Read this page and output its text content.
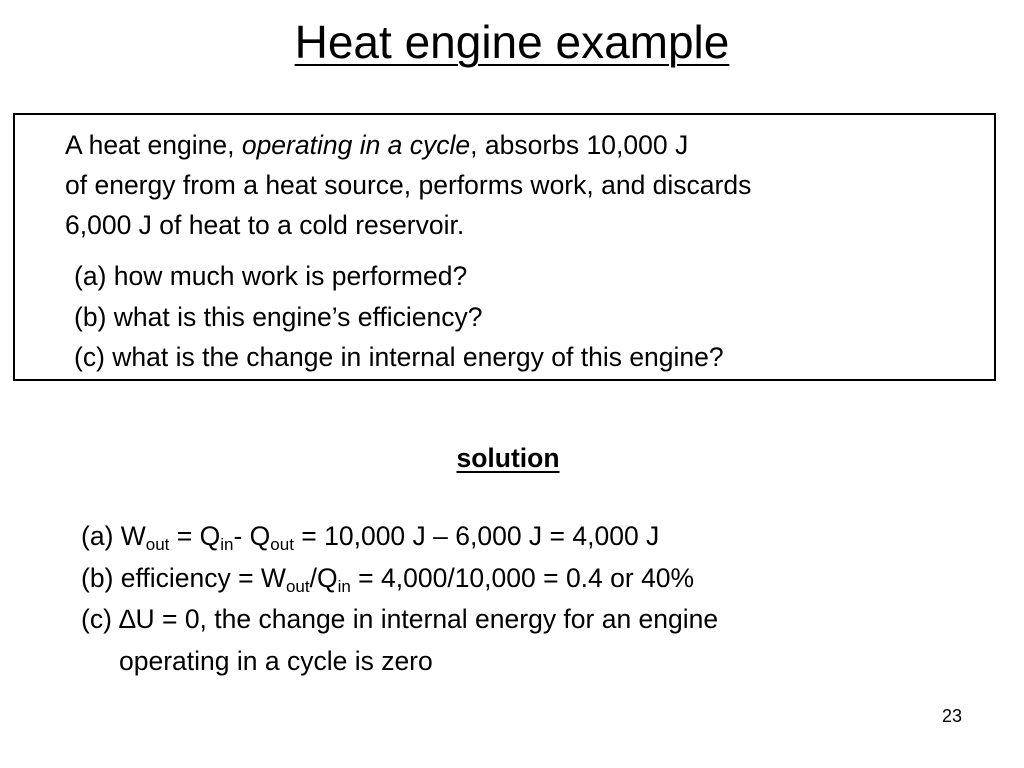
Heat engine example
A heat engine, operating in a cycle, absorbs 10,000 J
of energy from a heat source, performs work, and discards
6,000 J of heat to a cold reservoir.
(a) how much work is performed?
(b) what is this engine’s efficiency?
(c) what is the change in internal energy of this engine?
solution
(a) $W_{out} = Q_{in}-$ $Q_{out} = 10,000$ J – 6,000 J = 4,000 J
(b) efficiency = $W_{out}/Q_{in} = 4,000/10,000 = 0.4$ or 40%
(c) ∆U = 0, the change in internal energy for an engine
operating in a cycle is zero
23
